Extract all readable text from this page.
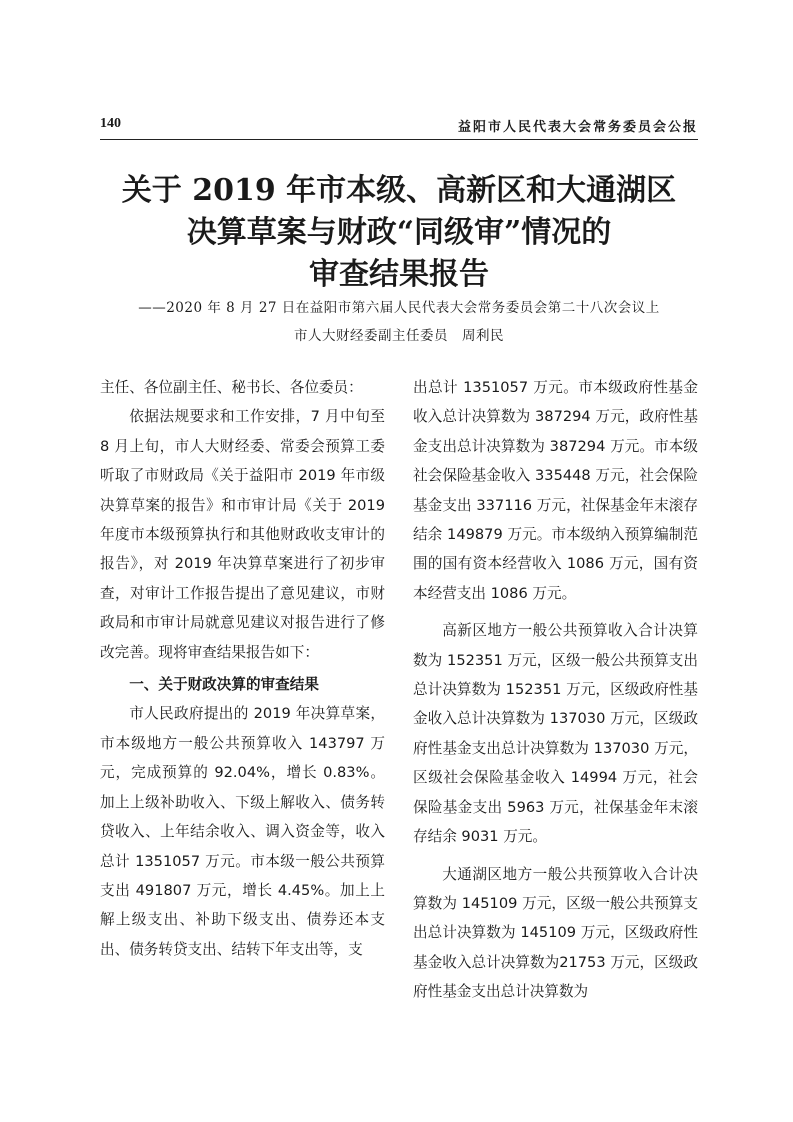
140	益阳市人民代表大会常务委员会公报
关于 2019 年市本级、高新区和大通湖区
决算草案与财政“同级审”情况的
审查结果报告
——2020 年 8 月 27 日在益阳市第六届人民代表大会常务委员会第二十八次会议上
市人大财经委副主任委员　周利民

主任、各位副主任、秘书长、各位委员：

依据法规要求和工作安排，7 月中旬至 8 月上旬，市人大财经委、常委会预算工委听取了市财政局《关于益阳市 2019 年市级决算草案的报告》和市审计局《关于 2019 年度市本级预算执行和其他财政收支审计的报告》，对 2019 年决算草案进行了初步审查，对审计工作报告提出了意见建议，市财政局和市审计局就意见建议对报告进行了修改完善。现将审查结果报告如下：

一、关于财政决算的审查结果

市人民政府提出的 2019 年决算草案，市本级地方一般公共预算收入 143797 万元，完成预算的 92.04%，增长 0.83%。加上上级补助收入、下级上解收入、债务转贷收入、上年结余收入、调入资金等，收入总计 1351057 万元。市本级一般公共预算支出 491807 万元，增长 4.45%。加上上解上级支出、补助下级支出、债券还本支出、债务转贷支出、结转下年支出等，支

出总计 1351057 万元。市本级政府性基金收入总计决算数为 387294 万元，政府性基金支出总计决算数为 387294 万元。市本级社会保险基金收入 335448 万元，社会保险基金支出 337116 万元，社保基金年末滚存结余 149879 万元。市本级纳入预算编制范围的国有资本经营收入 1086 万元，国有资本经营支出 1086 万元。

高新区地方一般公共预算收入合计决算数为 152351 万元，区级一般公共预算支出总计决算数为 152351 万元，区级政府性基金收入总计决算数为 137030 万元，区级政府性基金支出总计决算数为 137030 万元，区级社会保险基金收入 14994 万元，社会保险基金支出 5963 万元，社保基金年末滚存结余 9031 万元。

大通湖区地方一般公共预算收入合计决算数为 145109 万元，区级一般公共预算支出总计决算数为 145109 万元，区级政府性基金收入总计决算数为21753 万元，区级政府性基金支出总计决算数为
